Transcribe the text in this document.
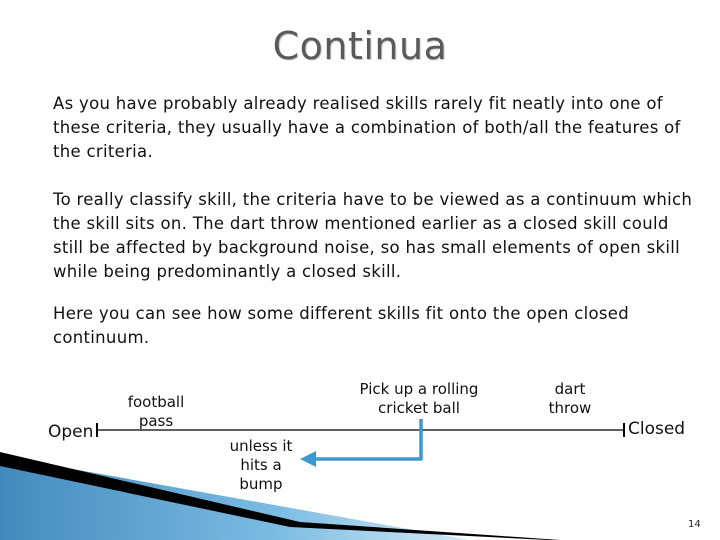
Continua
As you have probably already realised skills rarely fit neatly into one of these criteria, they usually have a combination of both/all the features of the criteria.
To really classify skill, the criteria have to be viewed as a continuum which the skill sits on. The dart throw mentioned earlier as a closed skill could still be affected by background noise, so has small elements of open skill while being predominantly a closed skill.
Here you can see how some different skills fit onto the open closed continuum.
Open
football pass
Pick up a rolling cricket ball
dart throw
Closed
unless it hits a bump
14
